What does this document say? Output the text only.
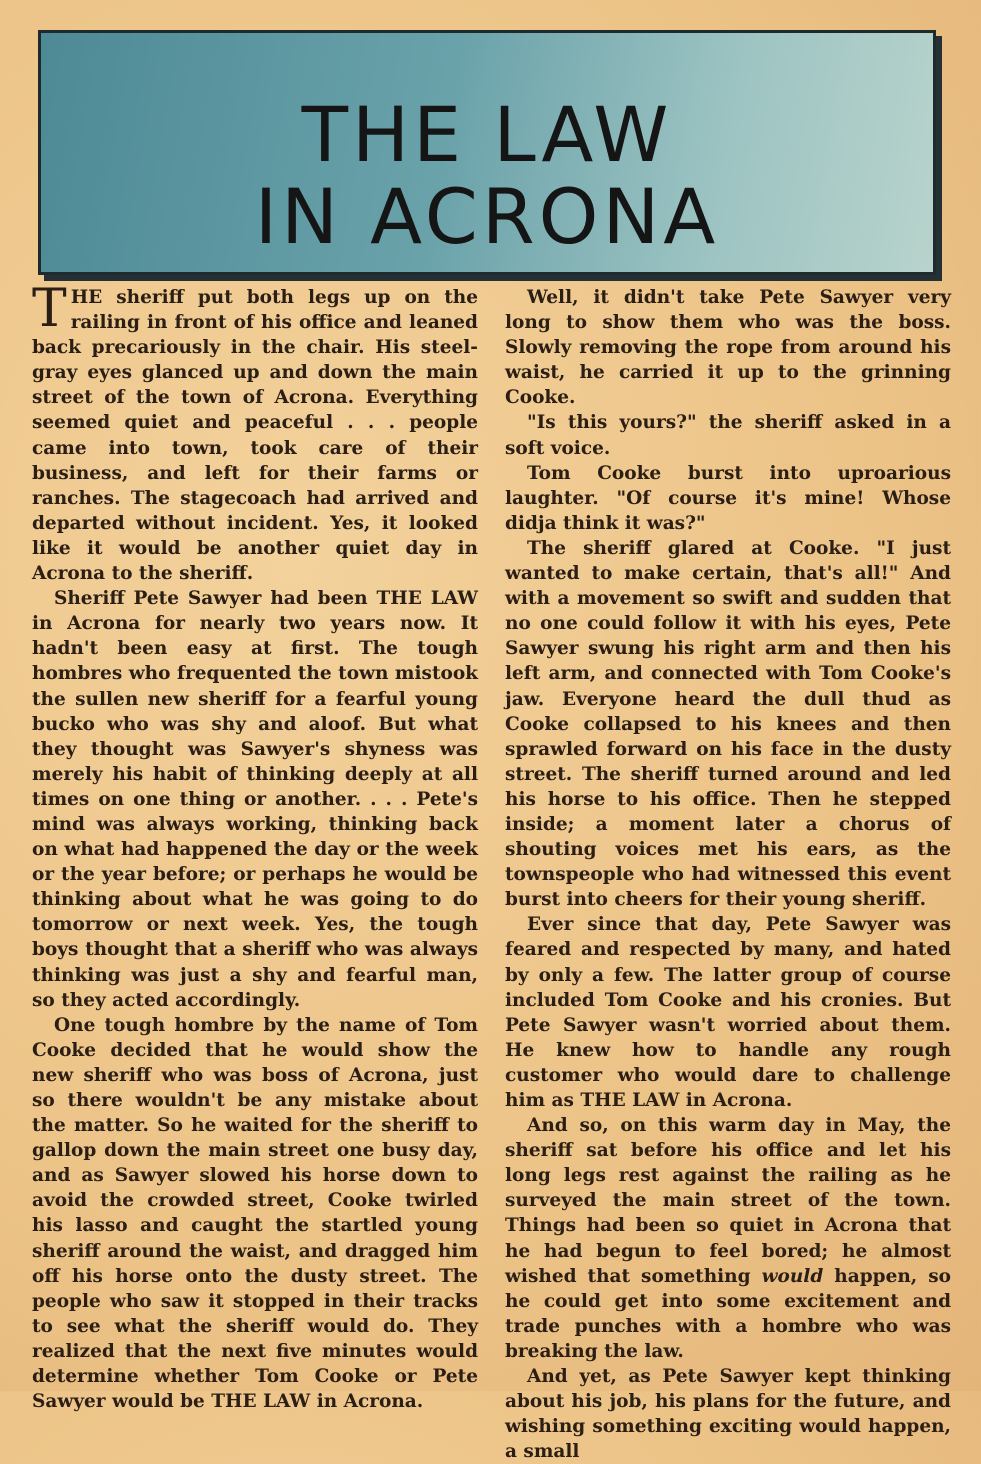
THE LAW
IN ACRONA

THE sheriff put both legs up on the railing in front of his office and leaned back precariously in the chair. His steel-gray eyes glanced up and down the main street of the town of Acrona. Everything seemed quiet and peaceful . . . people came into town, took care of their business, and left for their farms or ranches. The stagecoach had arrived and departed without incident. Yes, it looked like it would be another quiet day in Acrona to the sheriff.

Sheriff Pete Sawyer had been THE LAW in Acrona for nearly two years now. It hadn't been easy at first. The tough hombres who frequented the town mistook the sullen new sheriff for a fearful young bucko who was shy and aloof. But what they thought was Sawyer's shyness was merely his habit of thinking deeply at all times on one thing or another. . . . Pete's mind was always working, thinking back on what had happened the day or the week or the year before; or perhaps he would be thinking about what he was going to do tomorrow or next week. Yes, the tough boys thought that a sheriff who was always thinking was just a shy and fearful man, so they acted accordingly.

One tough hombre by the name of Tom Cooke decided that he would show the new sheriff who was boss of Acrona, just so there wouldn't be any mistake about the matter. So he waited for the sheriff to gallop down the main street one busy day, and as Sawyer slowed his horse down to avoid the crowded street, Cooke twirled his lasso and caught the startled young sheriff around the waist, and dragged him off his horse onto the dusty street. The people who saw it stopped in their tracks to see what the sheriff would do. They realized that the next five minutes would determine whether Tom Cooke or Pete Sawyer would be THE LAW in Acrona.

Well, it didn't take Pete Sawyer very long to show them who was the boss. Slowly removing the rope from around his waist, he carried it up to the grinning Cooke.

"Is this yours?" the sheriff asked in a soft voice.

Tom Cooke burst into uproarious laughter. "Of course it's mine! Whose didja think it was?"

The sheriff glared at Cooke. "I just wanted to make certain, that's all!" And with a movement so swift and sudden that no one could follow it with his eyes, Pete Sawyer swung his right arm and then his left arm, and connected with Tom Cooke's jaw. Everyone heard the dull thud as Cooke collapsed to his knees and then sprawled forward on his face in the dusty street. The sheriff turned around and led his horse to his office. Then he stepped inside; a moment later a chorus of shouting voices met his ears, as the townspeople who had witnessed this event burst into cheers for their young sheriff.

Ever since that day, Pete Sawyer was feared and respected by many, and hated by only a few. The latter group of course included Tom Cooke and his cronies. But Pete Sawyer wasn't worried about them. He knew how to handle any rough customer who would dare to challenge him as THE LAW in Acrona.

And so, on this warm day in May, the sheriff sat before his office and let his long legs rest against the railing as he surveyed the main street of the town. Things had been so quiet in Acrona that he had begun to feel bored; he almost wished that something would happen, so he could get into some excitement and trade punches with a hombre who was breaking the law.

And yet, as Pete Sawyer kept thinking about his job, his plans for the future, and wishing something exciting would happen, a small
